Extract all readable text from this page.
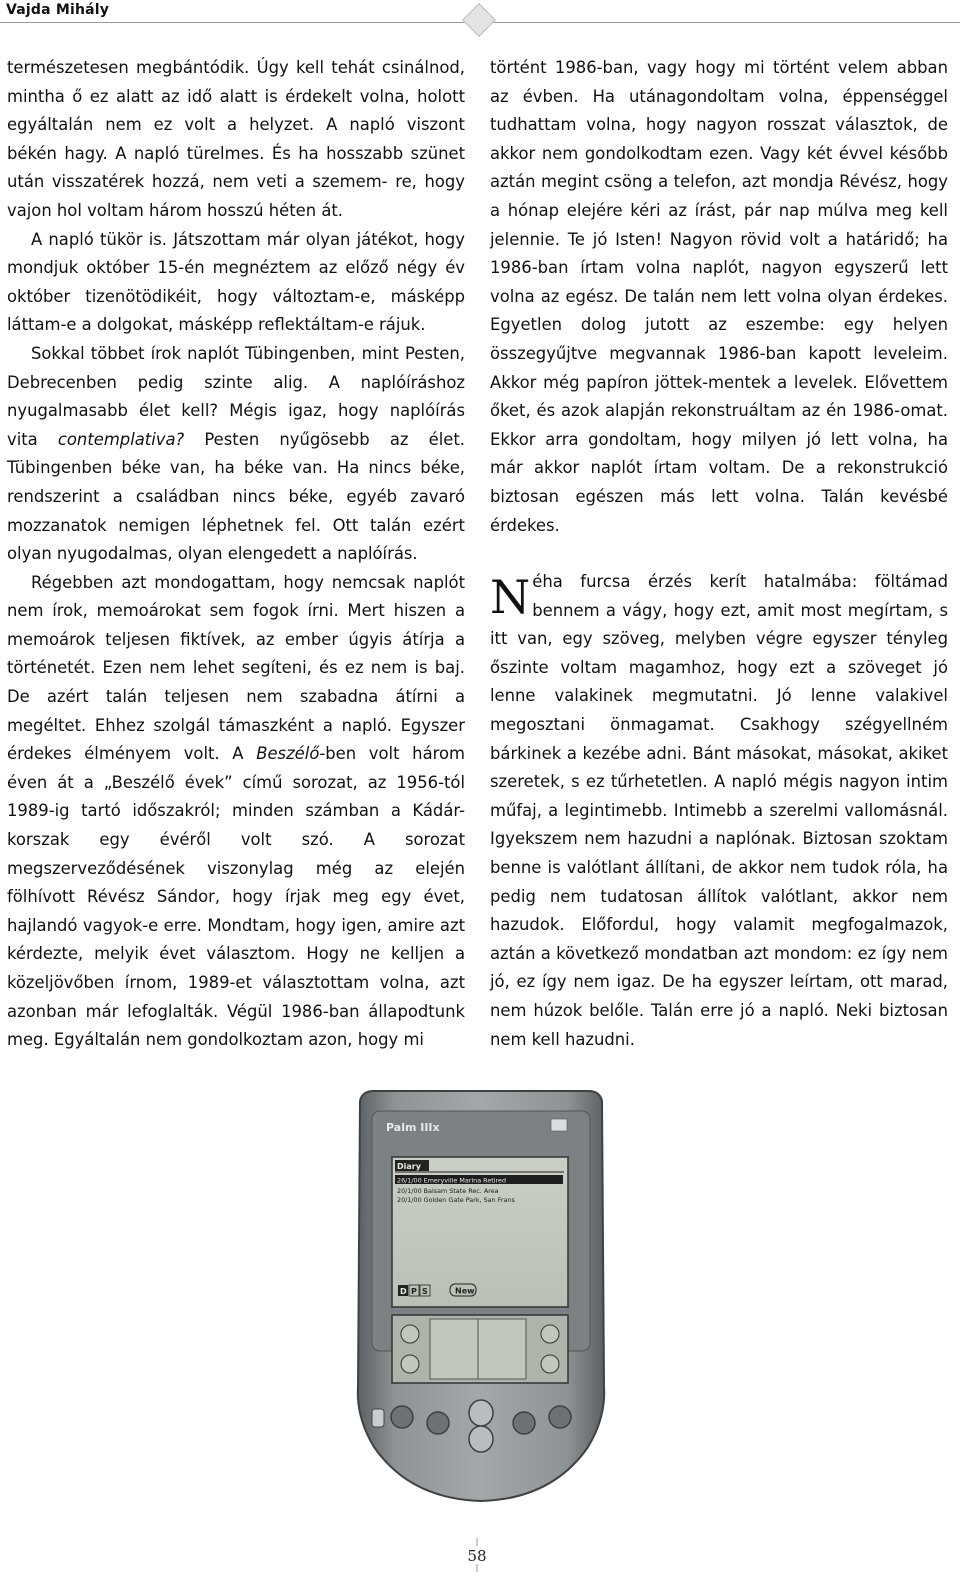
Vajda Mihály

természetesen megbántódik. Úgy kell tehát csinálnod, mintha ő ez alatt az idő alatt is érdekelt volna, holott egyáltalán nem ez volt a helyzet. A napló viszont békén hagy. A napló türelmes. És ha hosszabb szünet után visszatérek hozzá, nem veti a szemem- re, hogy vajon hol voltam három hosszú héten át.

A napló tükör is. Játszottam már olyan játékot, hogy mondjuk október 15-én megnéztem az előző négy év október tizenötödikéit, hogy változtam-e, másképp láttam-e a dolgokat, másképp reflektáltam-e rájuk.

Sokkal többet írok naplót Tübingenben, mint Pesten, Debrecenben pedig szinte alig. A naplóíráshoz nyugalmasabb élet kell? Mégis igaz, hogy naplóírás vita contemplativa? Pesten nyűgösebb az élet. Tübingenben béke van, ha béke van. Ha nincs béke, rendszerint a családban nincs béke, egyéb zavaró mozzanatok nemigen léphetnek fel. Ott talán ezért olyan nyugodalmas, olyan elengedett a naplóírás.

Régebben azt mondogattam, hogy nemcsak naplót nem írok, memoárokat sem fogok írni. Mert hiszen a memoárok teljesen fiktívek, az ember úgyis átírja a történetét. Ezen nem lehet segíteni, és ez nem is baj. De azért talán teljesen nem szabadna átírni a megéltet. Ehhez szolgál támaszként a napló. Egyszer érdekes élményem volt. A Beszélő-ben volt három éven át a „Beszélő évek” című sorozat, az 1956-tól 1989-ig tartó időszakról; minden számban a Kádár-korszak egy évéről volt szó. A sorozat megszerveződésének viszonylag még az elején fölhívott Révész Sándor, hogy írjak meg egy évet, hajlandó vagyok-e erre. Mondtam, hogy igen, amire azt kérdezte, melyik évet választom. Hogy ne kelljen a közeljövőben írnom, 1989-et választottam volna, azt azonban már lefoglalták. Végül 1986-ban állapodtunk meg. Egyáltalán nem gondolkoztam azon, hogy mi

történt 1986-ban, vagy hogy mi történt velem abban az évben. Ha utánagondoltam volna, éppenséggel tudhattam volna, hogy nagyon rosszat választok, de akkor nem gondolkodtam ezen. Vagy két évvel később aztán megint csöng a telefon, azt mondja Révész, hogy a hónap elejére kéri az írást, pár nap múlva meg kell jelennie. Te jó Isten! Nagyon rövid volt a határidő; ha 1986-ban írtam volna naplót, nagyon egyszerű lett volna az egész. De talán nem lett volna olyan érdekes. Egyetlen dolog jutott az eszembe: egy helyen összegyűjtve megvannak 1986-ban kapott leveleim. Akkor még papíron jöttek-mentek a levelek. Elővettem őket, és azok alapján rekonstruáltam az én 1986-omat. Ekkor arra gondoltam, hogy milyen jó lett volna, ha már akkor naplót írtam voltam. De a rekonstrukció biztosan egészen más lett volna. Talán kevésbé érdekes.

Néha furcsa érzés kerít hatalmába: föltámad bennem a vágy, hogy ezt, amit most megírtam, s itt van, egy szöveg, melyben végre egyszer tényleg őszinte voltam magamhoz, hogy ezt a szöveget jó lenne valakinek megmutatni. Jó lenne valakivel megosztani önmagamat. Csakhogy szégyellném bárkinek a kezébe adni. Bánt másokat, másokat, akiket szeretek, s ez tűrhetetlen. A napló mégis nagyon intim műfaj, a legintimebb. Intimebb a szerelmi vallomásnál. Igyekszem nem hazudni a naplónak. Biztosan szoktam benne is valótlant állítani, de akkor nem tudok róla, ha pedig nem tudatosan állítok valótlant, akkor nem hazudok. Előfordul, hogy valamit megfogalmazok, aztán a következő mondatban azt mondom: ez így nem jó, ez így nem igaz. De ha egyszer leírtam, ott marad, nem húzok belőle. Talán erre jó a napló. Neki biztosan nem kell hazudni.

Palm IIIx
Diary
26/1/00 Emeryville Marina Retired
20/1/00 Balsam State Rec. Area
20/1/00 Golden Gate Park, San Frans
D P S	New
58
